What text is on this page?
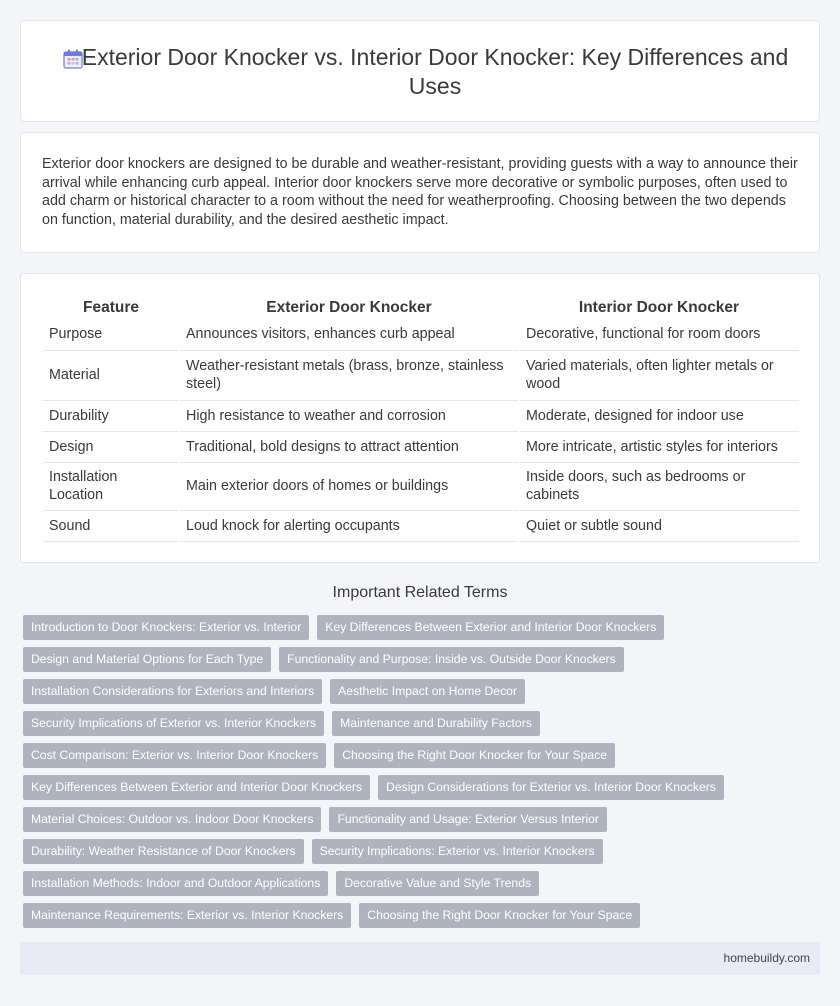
Exterior Door Knocker vs. Interior Door Knocker: Key Differences and Uses

Exterior door knockers are designed to be durable and weather-resistant, providing guests with a way to announce their arrival while enhancing curb appeal. Interior door knockers serve more decorative or symbolic purposes, often used to add charm or historical character to a room without the need for weatherproofing. Choosing between the two depends on function, material durability, and the desired aesthetic impact.

Feature	Exterior Door Knocker	Interior Door Knocker
Purpose	Announces visitors, enhances curb appeal	Decorative, functional for room doors
Material	Weather-resistant metals (brass, bronze, stainless steel)	Varied materials, often lighter metals or wood
Durability	High resistance to weather and corrosion	Moderate, designed for indoor use
Design	Traditional, bold designs to attract attention	More intricate, artistic styles for interiors
Installation Location	Main exterior doors of homes or buildings	Inside doors, such as bedrooms or cabinets
Sound	Loud knock for alerting occupants	Quiet or subtle sound
Important Related Terms
Introduction to Door Knockers: Exterior vs. Interior	Key Differences Between Exterior and Interior Door Knockers
Design and Material Options for Each Type	Functionality and Purpose: Inside vs. Outside Door Knockers
Installation Considerations for Exteriors and Interiors	Aesthetic Impact on Home Decor
Security Implications of Exterior vs. Interior Knockers	Maintenance and Durability Factors
Cost Comparison: Exterior vs. Interior Door Knockers	Choosing the Right Door Knocker for Your Space
Key Differences Between Exterior and Interior Door Knockers	Design Considerations for Exterior vs. Interior Door Knockers
Material Choices: Outdoor vs. Indoor Door Knockers	Functionality and Usage: Exterior Versus Interior
Durability: Weather Resistance of Door Knockers	Security Implications: Exterior vs. Interior Knockers
Installation Methods: Indoor and Outdoor Applications	Decorative Value and Style Trends
Maintenance Requirements: Exterior vs. Interior Knockers	Choosing the Right Door Knocker for Your Space
homebuildy.com
